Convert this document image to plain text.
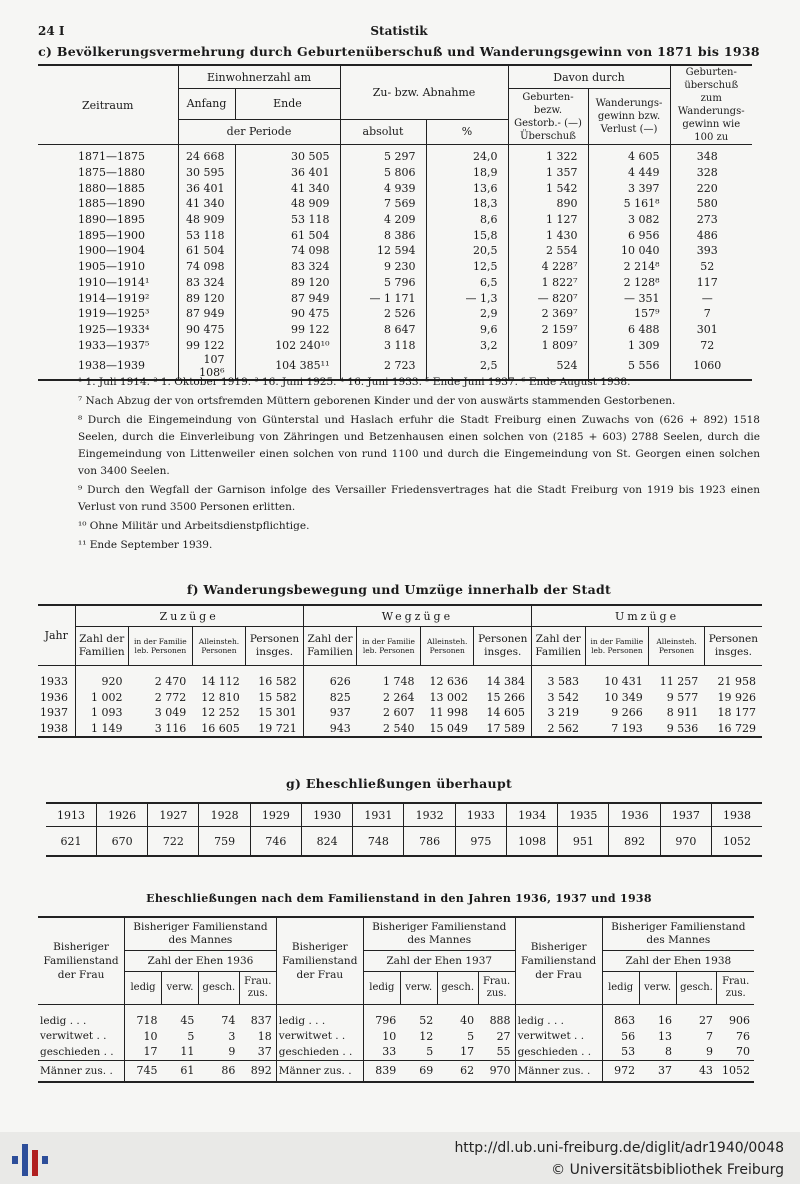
24 I	Statistik
c) Bevölkerungsvermehrung durch Geburtenüberschuß und Wanderungsgewinn von 1871 bis 1938
Zeitraum	Einwohnerzahl am		Zu- bzw. Abnahme		Davon durch		Geburten- überschuß zum Wanderungs- gewinn wie 100 zu
	Anfang	Ende			Geburten- bezw. Gestorb.- (—) Überschuß	Wanderungs- gewinn bzw. Verlust (—)	
	der Periode		absolut	%			
1871—1875	24 668	30 505	5 297	24,0	1 322	4 605	348
1875—1880	30 595	36 401	5 806	18,9	1 357	4 449	328
1880—1885	36 401	41 340	4 939	13,6	1 542	3 397	220
1885—1890	41 340	48 909	7 569	18,3	890	5 161⁸	580
1890—1895	48 909	53 118	4 209	8,6	1 127	3 082	273
1895—1900	53 118	61 504	8 386	15,8	1 430	6 956	486
1900—1904	61 504	74 098	12 594	20,5	2 554	10 040	393
1905—1910	74 098	83 324	9 230	12,5	4 228⁷	2 214⁸	52
1910—1914¹	83 324	89 120	5 796	6,5	1 822⁷	2 128⁸	117
1914—1919²	89 120	87 949	— 1 171	— 1,3	— 820⁷	— 351	—
1919—1925³	87 949	90 475	2 526	2,9	2 369⁷	157⁹	7
1925—1933⁴	90 475	99 122	8 647	9,6	2 159⁷	6 488	301
1933—1937⁵	99 122	102 240¹⁰	3 118	3,2	1 809⁷	1 309	72
1938—1939	107 108⁶	104 385¹¹	2 723	2,5	524	5 556	1060

¹ 1. Juli 1914. ² 1. Oktober 1919. ³ 16. Juni 1925. ⁴ 16. Juni 1933. ⁵ Ende Juni 1937. ⁶ Ende August 1938.

⁷ Nach Abzug der von ortsfremden Müttern geborenen Kinder und der von auswärts stammenden Gestorbenen.

⁸ Durch die Eingemeindung von Günterstal und Haslach erfuhr die Stadt Freiburg einen Zuwachs von (626 + 892) 1518 Seelen, durch die Einverleibung von Zähringen und Betzenhausen einen solchen von (2185 + 603) 2788 Seelen, durch die Eingemeindung von Littenweiler einen solchen von rund 1100 und durch die Eingemeindung von St. Georgen einen solchen von 3400 Seelen.

⁹ Durch den Wegfall der Garnison infolge des Versailler Friedensvertrages hat die Stadt Freiburg von 1919 bis 1923 einen Verlust von rund 3500 Personen erlitten.

¹⁰ Ohne Militär und Arbeitsdienstpflichtige.

¹¹ Ende September 1939.

f) Wanderungsbewegung und Umzüge innerhalb der Stadt
Jahr	Zuzüge				Wegzüge				Umzüge			
	Zahl der Familien	in der Familie leb. Personen	Alleinsteh. Personen	Personen insges.	Zahl der Familien	in der Familie leb. Personen	Alleinsteh. Personen	Personen insges.	Zahl der Familien	in der Familie leb. Personen	Alleinsteh. Personen	Personen insges.
1933	920	2 470	14 112	16 582	626	1 748	12 636	14 384	3 583	10 431	11 257	21 958
1936	1 002	2 772	12 810	15 582	825	2 264	13 002	15 266	3 542	10 349	9 577	19 926
1937	1 093	3 049	12 252	15 301	937	2 607	11 998	14 605	3 219	9 266	8 911	18 177
1938	1 149	3 116	16 605	19 721	943	2 540	15 049	17 589	2 562	7 193	9 536	16 729
g) Eheschließungen überhaupt
1913	1926	1927	1928	1929	1930	1931	1932	1933	1934	1935	1936	1937	1938
621	670	722	759	746	824	748	786	975	1098	951	892	970	1052
Eheschließungen nach dem Familienstand in den Jahren 1936, 1937 und 1938
Bisheriger Familienstand der Frau	Bisheriger Familienstand des Mannes				Bisheriger Familienstand der Frau	Bisheriger Familienstand des Mannes				Bisheriger Familienstand der Frau	Bisheriger Familienstand des Mannes			
	Zahl der Ehen 1936					Zahl der Ehen 1937					Zahl der Ehen 1938			
	ledig	verw.	gesch.	Frau. zus.		ledig	verw.	gesch.	Frau. zus.		ledig	verw.	gesch.	Frau. zus.
ledig . . .	718	45	74	837	ledig . . .	796	52	40	888	ledig . . .	863	16	27	906
verwitwet . .	10	5	3	18	verwitwet . .	10	12	5	27	verwitwet . .	56	13	7	76
geschieden . .	17	11	9	37	geschieden . .	33	5	17	55	geschieden . .	53	8	9	70
Männer zus. .	745	61	86	892	Männer zus. .	839	69	62	970	Männer zus. .	972	37	43	1052
http://dl.ub.uni-freiburg.de/diglit/adr1940/0048
© Universitätsbibliothek Freiburg
